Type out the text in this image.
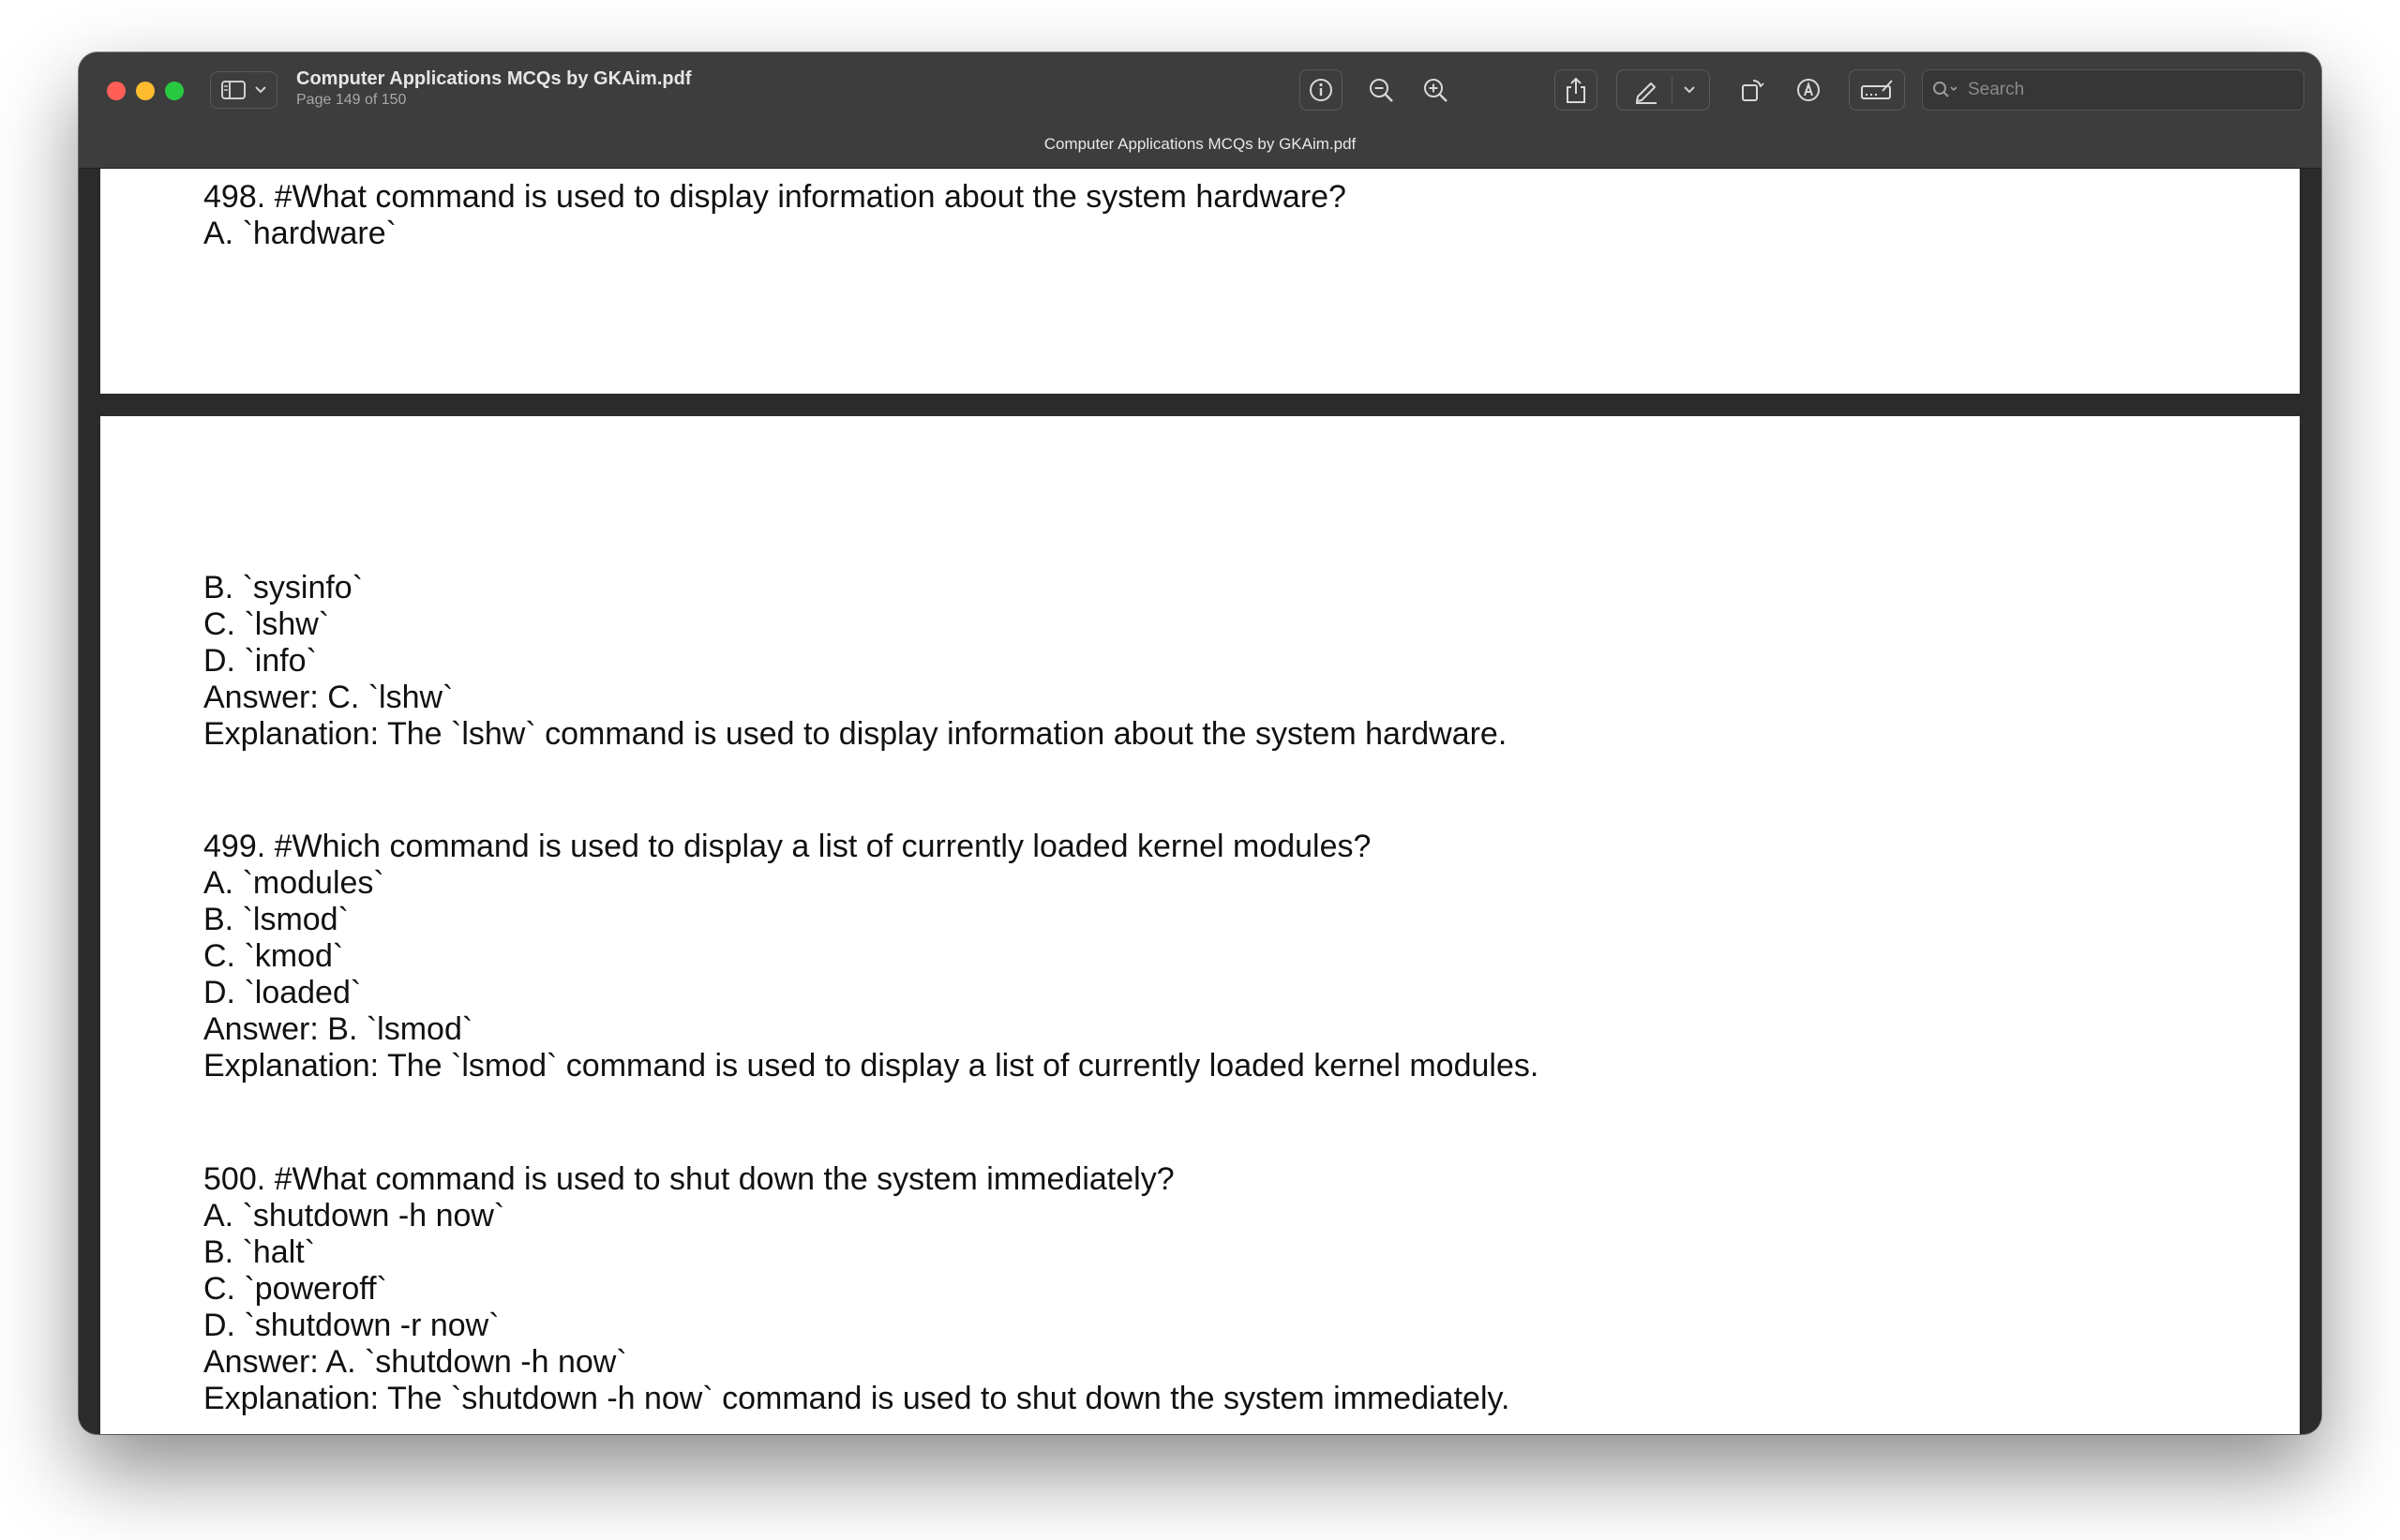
Computer Applications MCQs by GKAim.pdf
Page 149 of 150
Search
Computer Applications MCQs by GKAim.pdf
498. #What command is used to display information about the system hardware?
A. `hardware`
B. `sysinfo`
C. `lshw`
D. `info`
Answer: C. `lshw`
Explanation: The `lshw` command is used to display information about the system hardware.
499. #Which command is used to display a list of currently loaded kernel modules?
A. `modules`
B. `lsmod`
C. `kmod`
D. `loaded`
Answer: B. `lsmod`
Explanation: The `lsmod` command is used to display a list of currently loaded kernel modules.
500. #What command is used to shut down the system immediately?
A. `shutdown -h now`
B. `halt`
C. `poweroff`
D. `shutdown -r now`
Answer: A. `shutdown -h now`
Explanation: The `shutdown -h now` command is used to shut down the system immediately.
